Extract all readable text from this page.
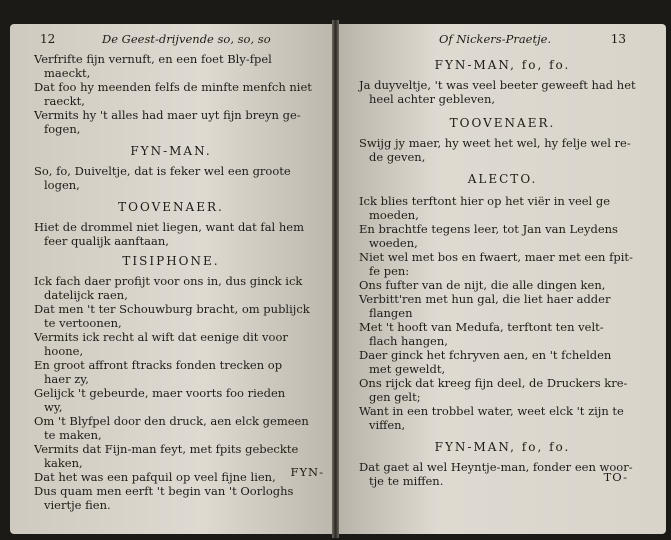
12	De Geest-drijvende so, so, so
Verfrifte fijn vernuft, en een foet Bly-fpel
maeckt,
Dat foo hy meenden felfs de minfte menfch niet
raeckt,
Vermits hy 't alles had maer uyt fijn breyn ge-
fogen,
FYN-MAN.
So, fo, Duiveltje, dat is feker wel een groote
logen,
TOOVENAER.
Hiet de drommel niet liegen, want dat fal hem
feer qualijk aanftaan,
TISIPHONE.
Ick fach daer profijt voor ons in, dus ginck ick
datelijck raen,
Dat men 't ter Schouwburg bracht, om publijck
te vertoonen,
Vermits ick recht al wift dat eenige dit voor
hoone,
En groot affront ftracks fonden trecken op
haer zy,
Gelijck 't gebeurde, maer voorts foo rieden
wy,
Om 't Blyfpel door den druck, aen elck gemeen
te maken,
Vermits dat Fijn-man feyt, met fpits gebeckte
kaken,
Dat het was een pafquil op veel fijne lien,
Dus quam men eerft 't begin van 't Oorloghs
viertje fien.
FYN-
Of Nickers-Praetje.	13
FYN-MAN, fo, fo.
Ja duyveltje, 't was veel beeter geweeft had het
heel achter gebleven,
TOOVENAER.
Swijg jy maer, hy weet het wel, hy felje wel re-
de geven,
ALECTO.
Ick blies terftont hier op het viër in veel ge
moeden,
En brachtfe tegens leer, tot Jan van Leydens
woeden,
Niet wel met bos en fwaert, maer met een fpit-
fe pen:
Ons fufter van de nijt, die alle dingen ken,
Verbitt'ren met hun gal, die liet haer adder
flangen
Met 't hooft van Medufa, terftont ten velt-
flach hangen,
Daer ginck het fchryven aen, en 't fchelden
met geweldt,
Ons rijck dat kreeg fijn deel, de Druckers kre-
gen gelt;
Want in een trobbel water, weet elck 't zijn te
viffen,
FYN-MAN, fo, fo.
Dat gaet al wel Heyntje-man, fonder een woor-
tje te miffen.	TO-
